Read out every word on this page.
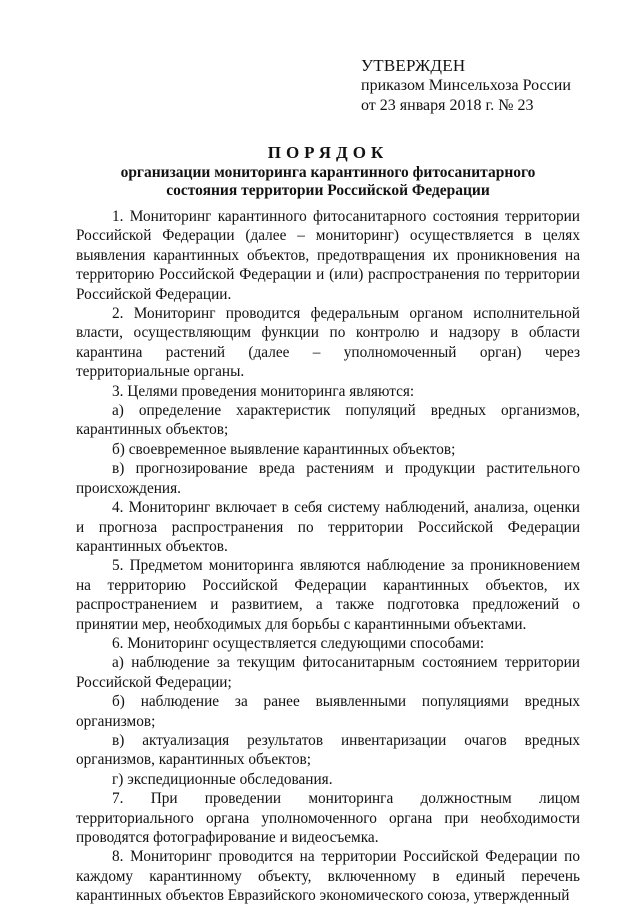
УТВЕРЖДЕН
приказом Минсельхоза России
от 23 января 2018 г. № 23
ПОРЯДОК
организации мониторинга карантинного фитосанитарного
состояния территории Российской Федерации

1. Мониторинг карантинного фитосанитарного состояния территории Российской Федерации (далее – мониторинг) осуществляется в целях выявления карантинных объектов, предотвращения их проникновения на территорию Российской Федерации и (или) распространения по территории Российской Федерации.

2. Мониторинг проводится федеральным органом исполнительной власти, осуществляющим функции по контролю и надзору в области карантина растений (далее – уполномоченный орган) через территориальные органы.

3. Целями проведения мониторинга являются:

а) определение характеристик популяций вредных организмов, карантинных объектов;

б) своевременное выявление карантинных объектов;

в) прогнозирование вреда растениям и продукции растительного происхождения.

4. Мониторинг включает в себя систему наблюдений, анализа, оценки и прогноза распространения по территории Российской Федерации карантинных объектов.

5. Предметом мониторинга являются наблюдение за проникновением на территорию Российской Федерации карантинных объектов, их распространением и развитием, а также подготовка предложений о принятии мер, необходимых для борьбы с карантинными объектами.

6. Мониторинг осуществляется следующими способами:

а) наблюдение за текущим фитосанитарным состоянием территории Российской Федерации;

б) наблюдение за ранее выявленными популяциями вредных организмов;

в) актуализация результатов инвентаризации очагов вредных организмов, карантинных объектов;

г) экспедиционные обследования.

7. При проведении мониторинга должностным лицом территориального органа уполномоченного органа при необходимости проводятся фотографирование и видеосъемка.

8. Мониторинг проводится на территории Российской Федерации по каждому карантинному объекту, включенному в единый перечень карантинных объектов Евразийского экономического союза, утвержденный
